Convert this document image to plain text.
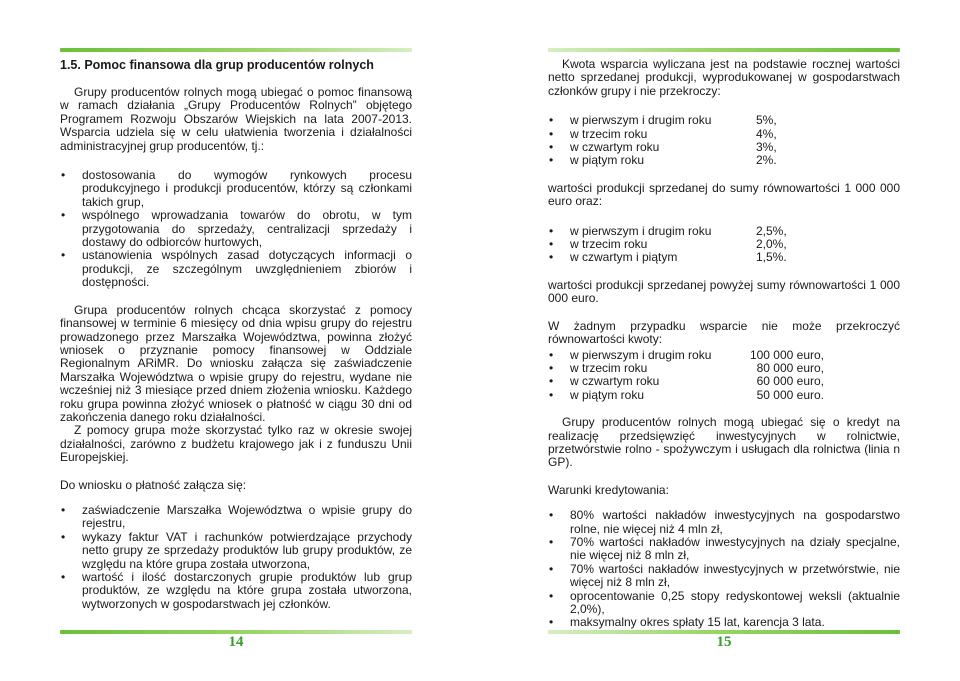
1.5. Pomoc finansowa dla grup producentów rolnych

Grupy producentów rolnych mogą ubiegać o pomoc finansową w ramach działania „Grupy Producentów Rolnych” objętego Programem Rozwoju Obszarów Wiejskich na lata 2007-2013. Wsparcia udziela się w celu ułatwienia tworzenia i działalności administracyjnej grup producentów, tj.:

• dostosowania do wymogów rynkowych procesu produkcyjnego i produkcji producentów, którzy są członkami takich grup,
• wspólnego wprowadzania towarów do obrotu, w tym przygotowania do sprzedaży, centralizacji sprzedaży i dostawy do odbiorców hurtowych,
• ustanowienia wspólnych zasad dotyczących informacji o produkcji, ze szczególnym uwzględnieniem zbiorów i dostępności.

Grupa producentów rolnych chcąca skorzystać z pomocy finansowej w terminie 6 miesięcy od dnia wpisu grupy do rejestru prowadzonego przez Marszałka Województwa, powinna złożyć wniosek o przyznanie pomocy finansowej w Oddziale Regionalnym ARiMR. Do wniosku załącza się zaświadczenie Marszałka Województwa o wpisie grupy do rejestru, wydane nie wcześniej niż 3 miesiące przed dniem złożenia wniosku. Każdego roku grupa powinna złożyć wniosek o płatność w ciągu 30 dni od zakończenia danego roku działalności.

Z pomocy grupa może skorzystać tylko raz w okresie swojej działalności, zarówno z budżetu krajowego jak i z funduszu Unii Europejskiej.

Do wniosku o płatność załącza się:

• zaświadczenie Marszałka Województwa o wpisie grupy do rejestru,
• wykazy faktur VAT i rachunków potwierdzające przychody netto grupy ze sprzedaży produktów lub grupy produktów, ze względu na które grupa została utworzona,
• wartość i ilość dostarczonych grupie produktów lub grup produktów, ze względu na które grupa została utworzona, wytworzonych w gospodarstwach jej członków.

Kwota wsparcia wyliczana jest na podstawie rocznej wartości netto sprzedanej produkcji, wyprodukowanej w gospodarstwach członków grupy i nie przekroczy:

• w pierwszym i drugim roku	5%,
• w trzecim roku	4%,
• w czwartym roku	3%,
• w piątym roku	2%.

wartości produkcji sprzedanej do sumy równowartości 1 000 000 euro oraz:

• w pierwszym i drugim roku	2,5%,
• w trzecim roku	2,0%,
• w czwartym i piątym	1,5%.

wartości produkcji sprzedanej powyżej sumy równowartości 1 000 000 euro.

W żadnym przypadku wsparcie nie może przekroczyć równowartości kwoty:

• w pierwszym i drugim roku	100 000 euro,
• w trzecim roku	80 000 euro,
• w czwartym roku	60 000 euro,
• w piątym roku	50 000 euro.

Grupy producentów rolnych mogą ubiegać się o kredyt na realizację przedsięwzięć inwestycyjnych w rolnictwie, przetwórstwie rolno - spożywczym i usługach dla rolnictwa (linia n GP).

Warunki kredytowania:

• 80% wartości nakładów inwestycyjnych na gospodarstwo rolne, nie więcej niż 4 mln zł,
• 70% wartości nakładów inwestycyjnych na działy specjalne, nie więcej niż 8 mln zł,
• 70% wartości nakładów inwestycyjnych w przetwórstwie, nie więcej niż 8 mln zł,
• oprocentowanie 0,25 stopy redyskontowej weksli (aktualnie 2,0%),
• maksymalny okres spłaty 15 lat, karencja 3 lata.
14	15
